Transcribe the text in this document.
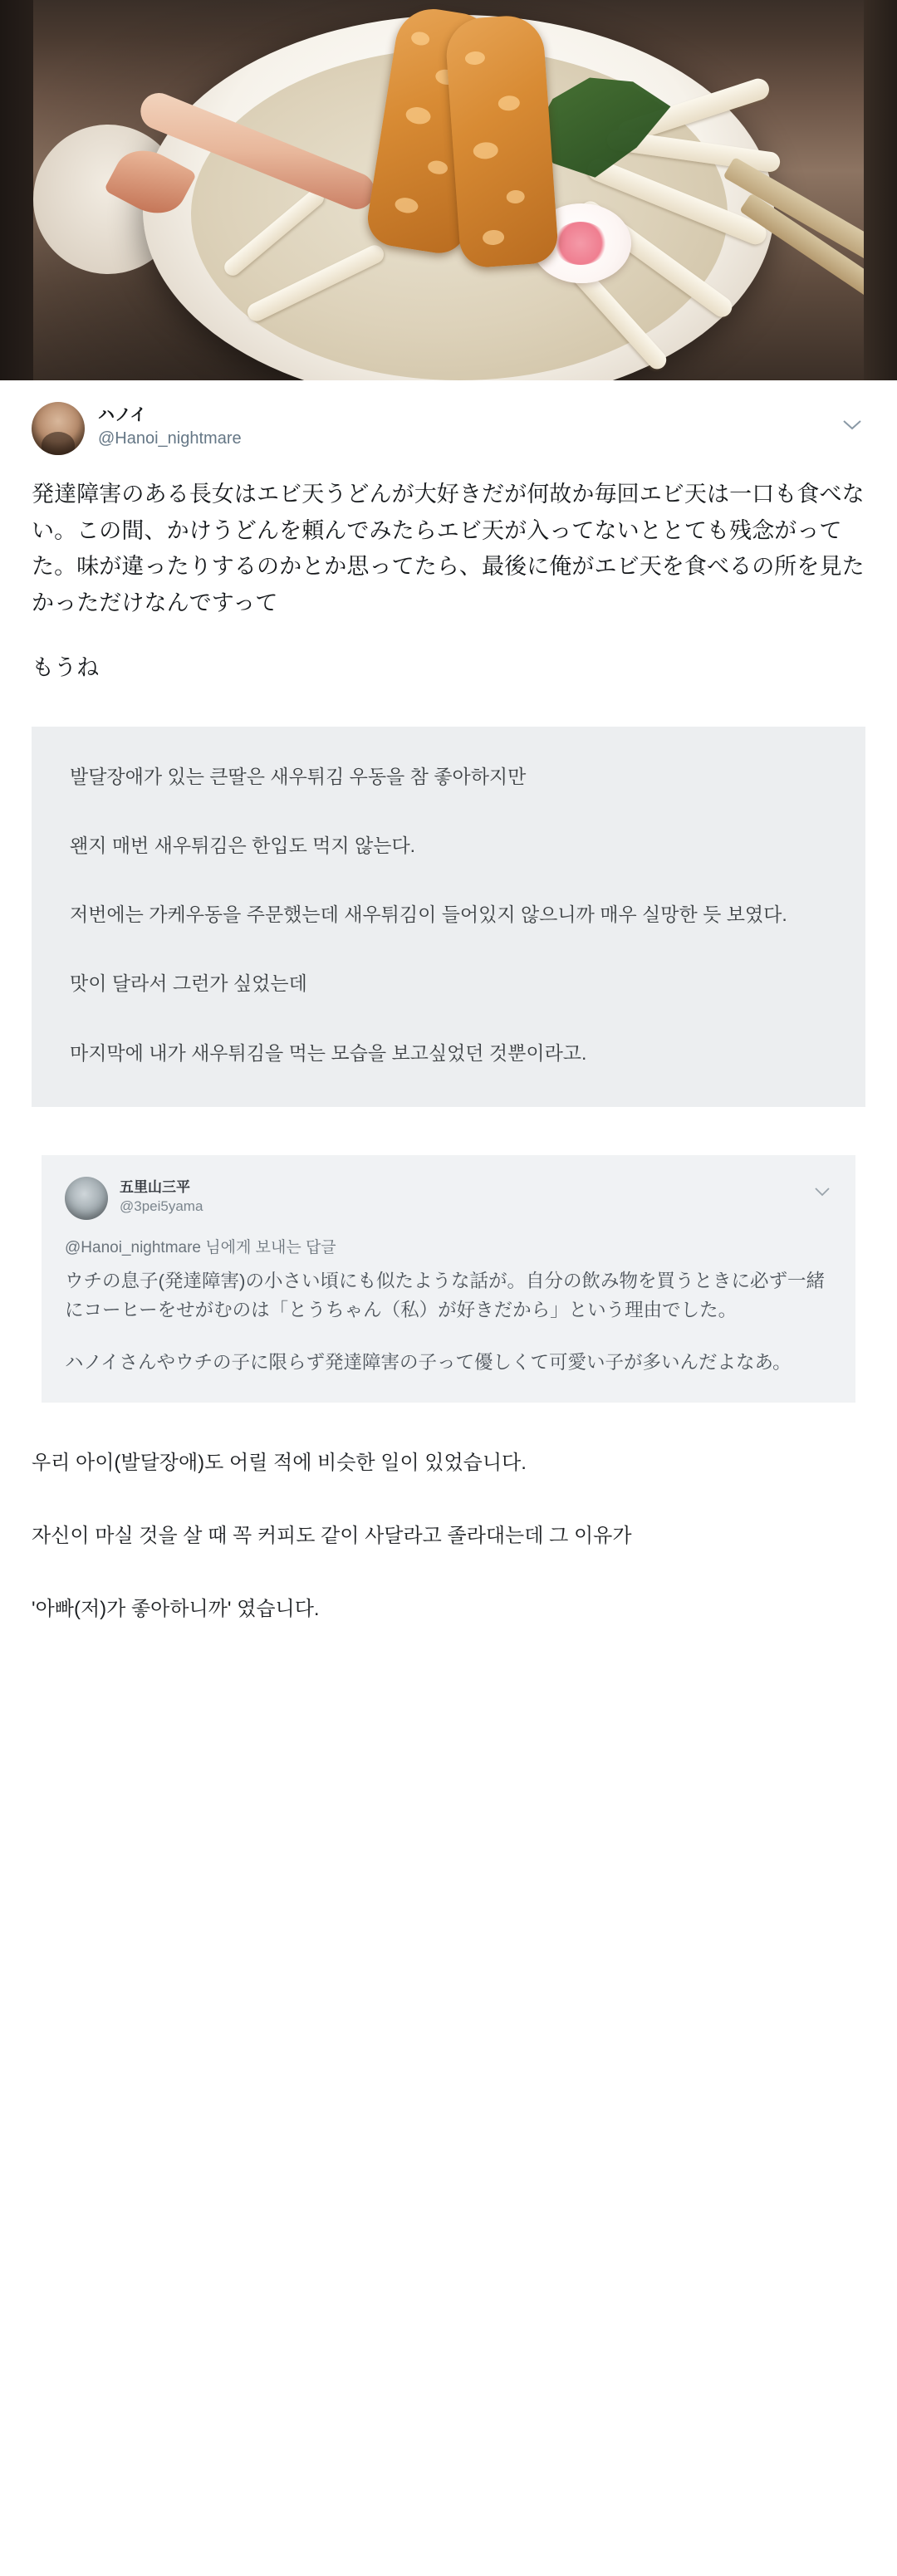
ハノイ
@Hanoi_nightmare

発達障害のある長女はエビ天うどんが大好きだが何故か毎回エビ天は一口も食べない。この間、かけうどんを頼んでみたらエビ天が入ってないととても残念がってた。味が違ったりするのかとか思ってたら、最後に俺がエビ天を食べるの所を見たかっただけなんですって

もうね

발달장애가 있는 큰딸은 새우튀김 우동을 참 좋아하지만

왠지 매번 새우튀김은 한입도 먹지 않는다.

저번에는 가케우동을 주문했는데 새우튀김이 들어있지 않으니까 매우 실망한 듯 보였다.

맛이 달라서 그런가 싶었는데

마지막에 내가 새우튀김을 먹는 모습을 보고싶었던 것뿐이라고.

五里山三平
@3pei5yama
@Hanoi_nightmare 님에게 보내는 답글

ウチの息子(発達障害)の小さい頃にも似たような話が。自分の飲み物を買うときに必ず一緒にコーヒーをせがむのは「とうちゃん（私）が好きだから」という理由でした。

ハノイさんやウチの子に限らず発達障害の子って優しくて可愛い子が多いんだよなあ。

우리 아이(발달장애)도 어릴 적에 비슷한 일이 있었습니다.

자신이 마실 것을 살 때 꼭 커피도 같이 사달라고 졸라대는데 그 이유가

'아빠(저)가 좋아하니까' 였습니다.
